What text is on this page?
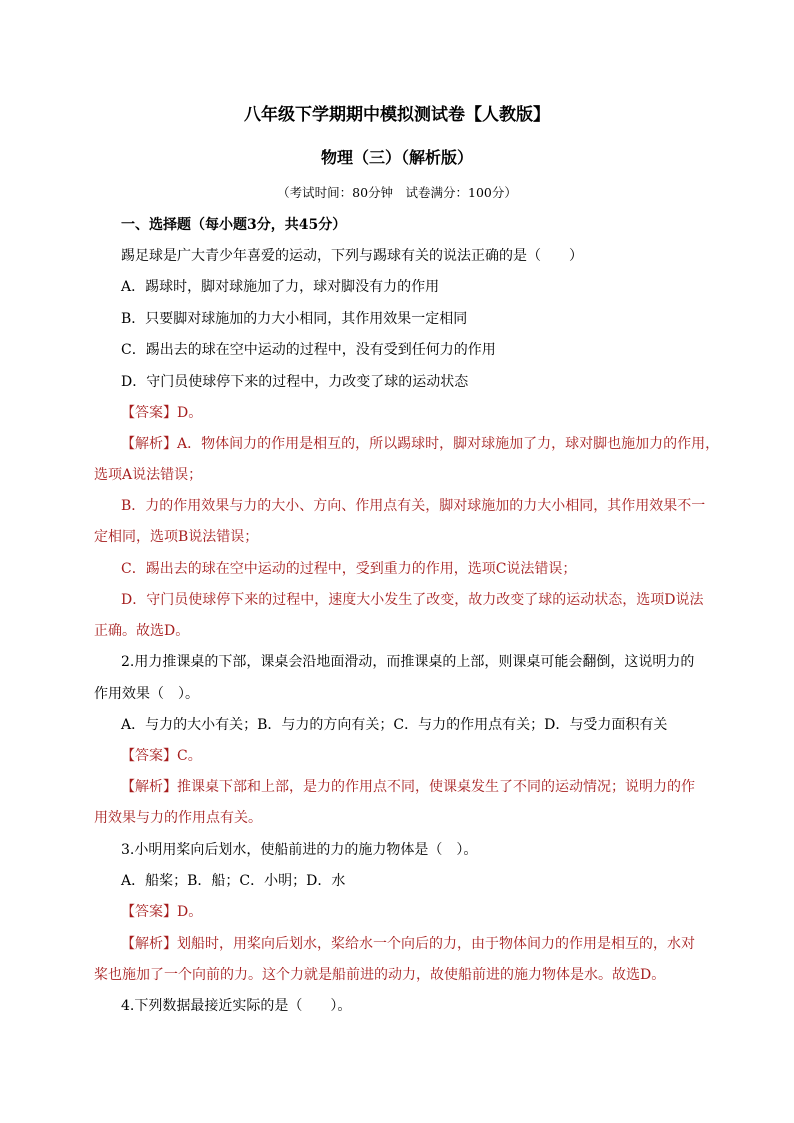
八年级下学期期中模拟测试卷【人教版】
物理（三）（解析版）
（考试时间：80分钟　试卷满分：100分）
一、选择题（每小题3分，共45分）
踢足球是广大青少年喜爱的运动，下列与踢球有关的说法正确的是（　　）
A．踢球时，脚对球施加了力，球对脚没有力的作用
B．只要脚对球施加的力大小相同，其作用效果一定相同
C．踢出去的球在空中运动的过程中，没有受到任何力的作用
D．守门员使球停下来的过程中，力改变了球的运动状态
【答案】D。
【解析】A．物体间力的作用是相互的，所以踢球时，脚对球施加了力，球对脚也施加力的作用，
选项A说法错误；
B．力的作用效果与力的大小、方向、作用点有关，脚对球施加的力大小相同，其作用效果不一
定相同，选项B说法错误；
C．踢出去的球在空中运动的过程中，受到重力的作用，选项C说法错误；
D．守门员使球停下来的过程中，速度大小发生了改变，故力改变了球的运动状态，选项D说法
正确。故选D。
2.用力推课桌的下部，课桌会沿地面滑动，而推课桌的上部，则课桌可能会翻倒，这说明力的
作用效果（　）。
A．与力的大小有关；B．与力的方向有关；C．与力的作用点有关；D．与受力面积有关
【答案】C。
【解析】推课桌下部和上部，是力的作用点不同，使课桌发生了不同的运动情况；说明力的作
用效果与力的作用点有关。
3.小明用桨向后划水，使船前进的力的施力物体是（　）。
A．船桨；B．船；C．小明；D．水
【答案】D。
【解析】划船时，用桨向后划水，桨给水一个向后的力，由于物体间力的作用是相互的，水对
桨也施加了一个向前的力。这个力就是船前进的动力，故使船前进的施力物体是水。故选D。
4.下列数据最接近实际的是（　　）。
